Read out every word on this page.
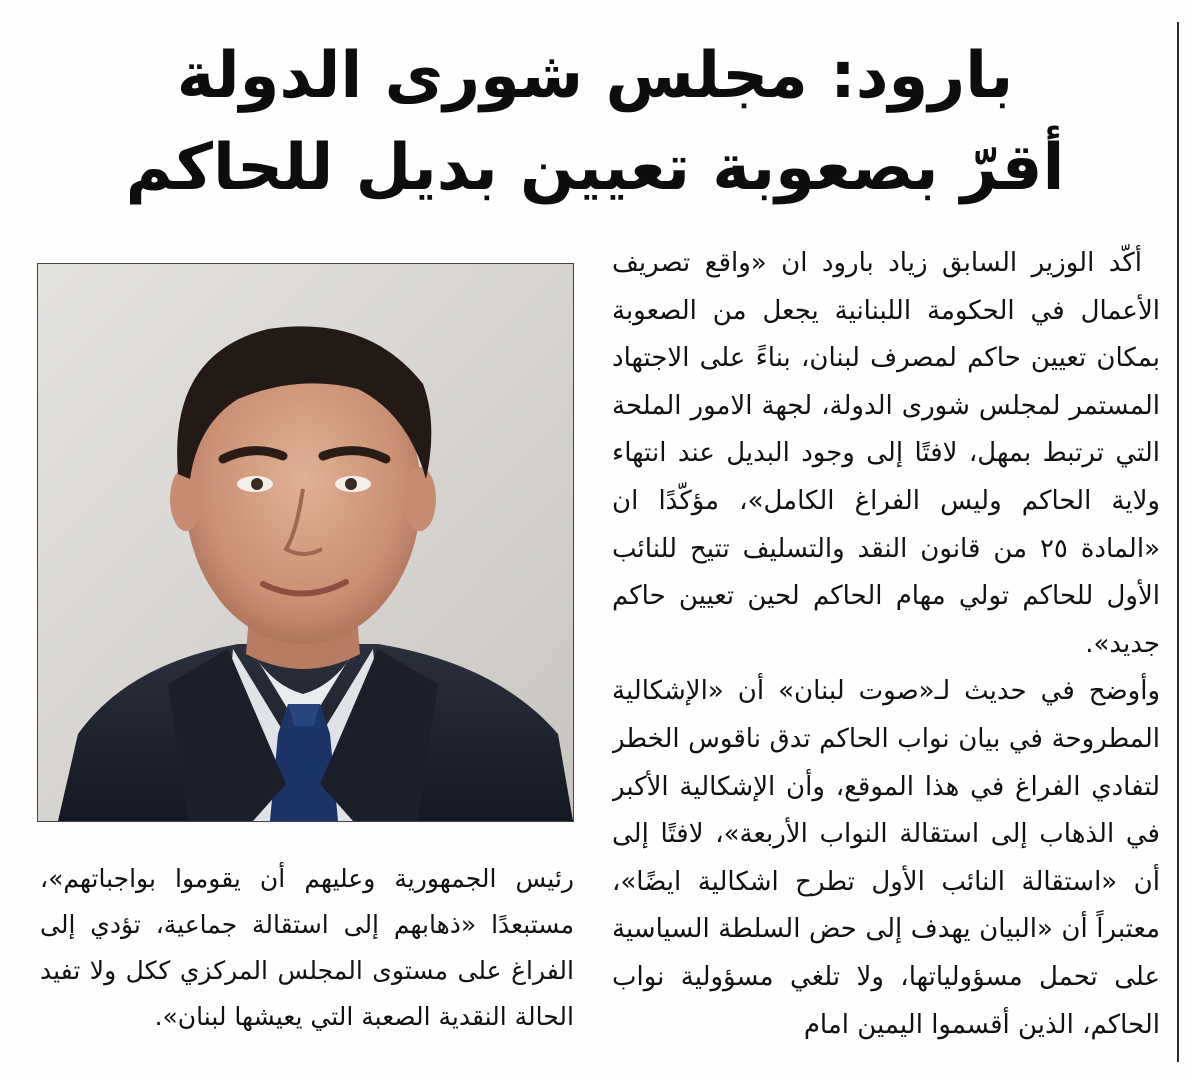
بارود: مجلس شورى الدولة
أقرّ بصعوبة تعيين بديل للحاكم
أكّد الوزير السابق زياد بارود ان «واقع تصريف الأعمال في الحكومة اللبنانية يجعل من الصعوبة بمكان تعيين حاكم لمصرف لبنان، بناءً على الاجتهاد المستمر لمجلس شورى الدولة، لجهة الامور الملحة التي ترتبط بمهل، لافتًا إلى وجود البديل عند انتهاء ولاية الحاكم وليس الفراغ الكامل»، مؤكّدًا ان «المادة ٢٥ من قانون النقد والتسليف تتيح للنائب الأول للحاكم تولي مهام الحاكم لحين تعيين حاكم جديد».
وأوضح في حديث لـ«صوت لبنان» أن «الإشكالية المطروحة في بيان نواب الحاكم تدق ناقوس الخطر لتفادي الفراغ في هذا الموقع، وأن الإشكالية الأكبر في الذهاب إلى استقالة النواب الأربعة»، لافتًا إلى أن «استقالة النائب الأول تطرح اشكالية ايضًا»، معتبراً أن «البيان يهدف إلى حض السلطة السياسية على تحمل مسؤولياتها، ولا تلغي مسؤولية نواب الحاكم، الذين أقسموا اليمين امام
رئيس الجمهورية وعليهم أن يقوموا بواجباتهم»، مستبعدًا «ذهابهم إلى استقالة جماعية، تؤدي إلى الفراغ على مستوى المجلس المركزي ككل ولا تفيد الحالة النقدية الصعبة التي يعيشها لبنان».
